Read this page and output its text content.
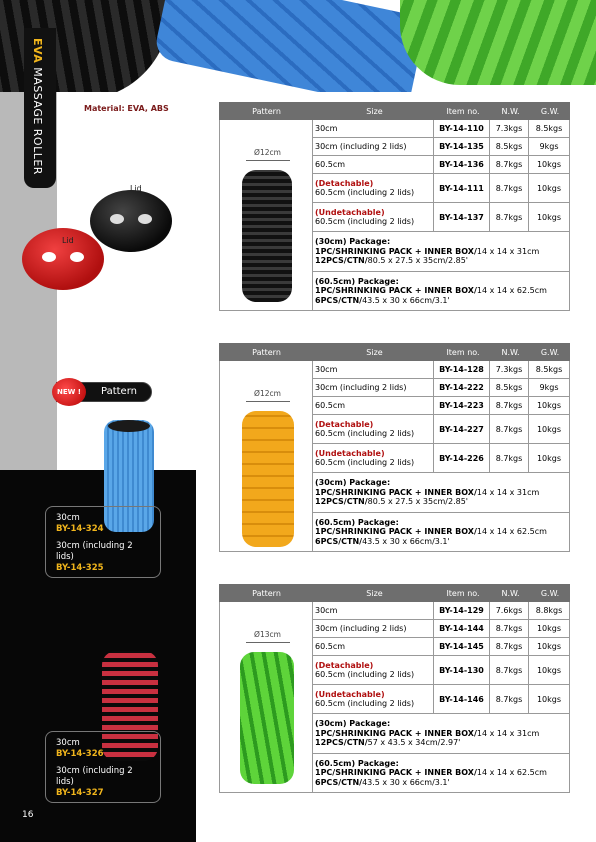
EVA MASSAGE ROLLER	Material: EVA, ABS
Lid
Lid
Pattern
NEW !

30cm

BY-14-324

30cm (including 2 lids)

BY-14-325

30cm

BY-14-326

30cm (including 2 lids)

BY-14-327

16
Pattern	Size	Item no.	N.W.	G.W.
Ø12cm
30cm	BY-14-110	7.3kgs	8.5kgs
30cm (including 2 lids)	BY-14-135	8.5kgs	9kgs
60.5cm	BY-14-136	8.7kgs	10kgs
(Detachable)
60.5cm (including 2 lids)	BY-14-111	8.7kgs	10kgs
(Undetachable)
60.5cm (including 2 lids)	BY-14-137	8.7kgs	10kgs
(30cm) Package:
1PC/SHRINKING PACK + INNER BOX/14 x 14 x 31cm
12PCS/CTN/80.5 x 27.5 x 35cm/2.85'
(60.5cm) Package:
1PC/SHRINKING PACK + INNER BOX/14 x 14 x 62.5cm
6PCS/CTN/43.5 x 30 x 66cm/3.1'
Pattern	Size	Item no.	N.W.	G.W.
Ø12cm
30cm	BY-14-128	7.3kgs	8.5kgs
30cm (including 2 lids)	BY-14-222	8.5kgs	9kgs
60.5cm	BY-14-223	8.7kgs	10kgs
(Detachable)
60.5cm (including 2 lids)	BY-14-227	8.7kgs	10kgs
(Undetachable)
60.5cm (including 2 lids)	BY-14-226	8.7kgs	10kgs
(30cm) Package:
1PC/SHRINKING PACK + INNER BOX/14 x 14 x 31cm
12PCS/CTN/80.5 x 27.5 x 35cm/2.85'
(60.5cm) Package:
1PC/SHRINKING PACK + INNER BOX/14 x 14 x 62.5cm
6PCS/CTN/43.5 x 30 x 66cm/3.1'
Pattern	Size	Item no.	N.W.	G.W.
Ø13cm
30cm	BY-14-129	7.6kgs	8.8kgs
30cm (including 2 lids)	BY-14-144	8.7kgs	10kgs
60.5cm	BY-14-145	8.7kgs	10kgs
(Detachable)
60.5cm (including 2 lids)	BY-14-130	8.7kgs	10kgs
(Undetachable)
60.5cm (including 2 lids)	BY-14-146	8.7kgs	10kgs
(30cm) Package:
1PC/SHRINKING PACK + INNER BOX/14 x 14 x 31cm
12PCS/CTN/57 x 43.5 x 34cm/2.97'
(60.5cm) Package:
1PC/SHRINKING PACK + INNER BOX/14 x 14 x 62.5cm
6PCS/CTN/43.5 x 30 x 66cm/3.1'
